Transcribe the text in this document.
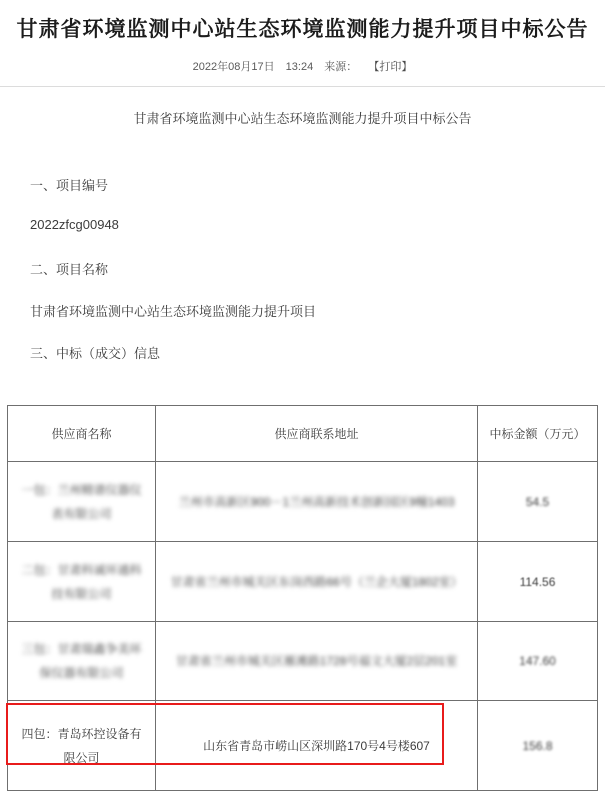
甘肃省环境监测中心站生态环境监测能力提升项目中标公告
2022年08月17日 13:24 来源： 【打印】
甘肃省环境监测中心站生态环境监测能力提升项目中标公告
一、项目编号
2022zfcg00948
二、项目名称
甘肃省环境监测中心站生态环境监测能力提升项目
三、中标（成交）信息
供应商名称	供应商联系地址	中标金额（万元）
一包：兰州精谱仪器仪表有限公司	兰州市高新区900－1兰州高新技术创新园区9幢1403	54.5
二包：甘肃科诚环通科技有限公司	甘肃省兰州市城关区东岗西路66号（兰企大厦1802室）	114.56
三包：甘肃瑞鑫争美环保仪器有限公司	甘肃省兰州市城关区雁滩路1728号福文大厦2层201室	147.60
四包：青岛环控设备有限公司	山东省青岛市崂山区深圳路170号4号楼607	156.8
